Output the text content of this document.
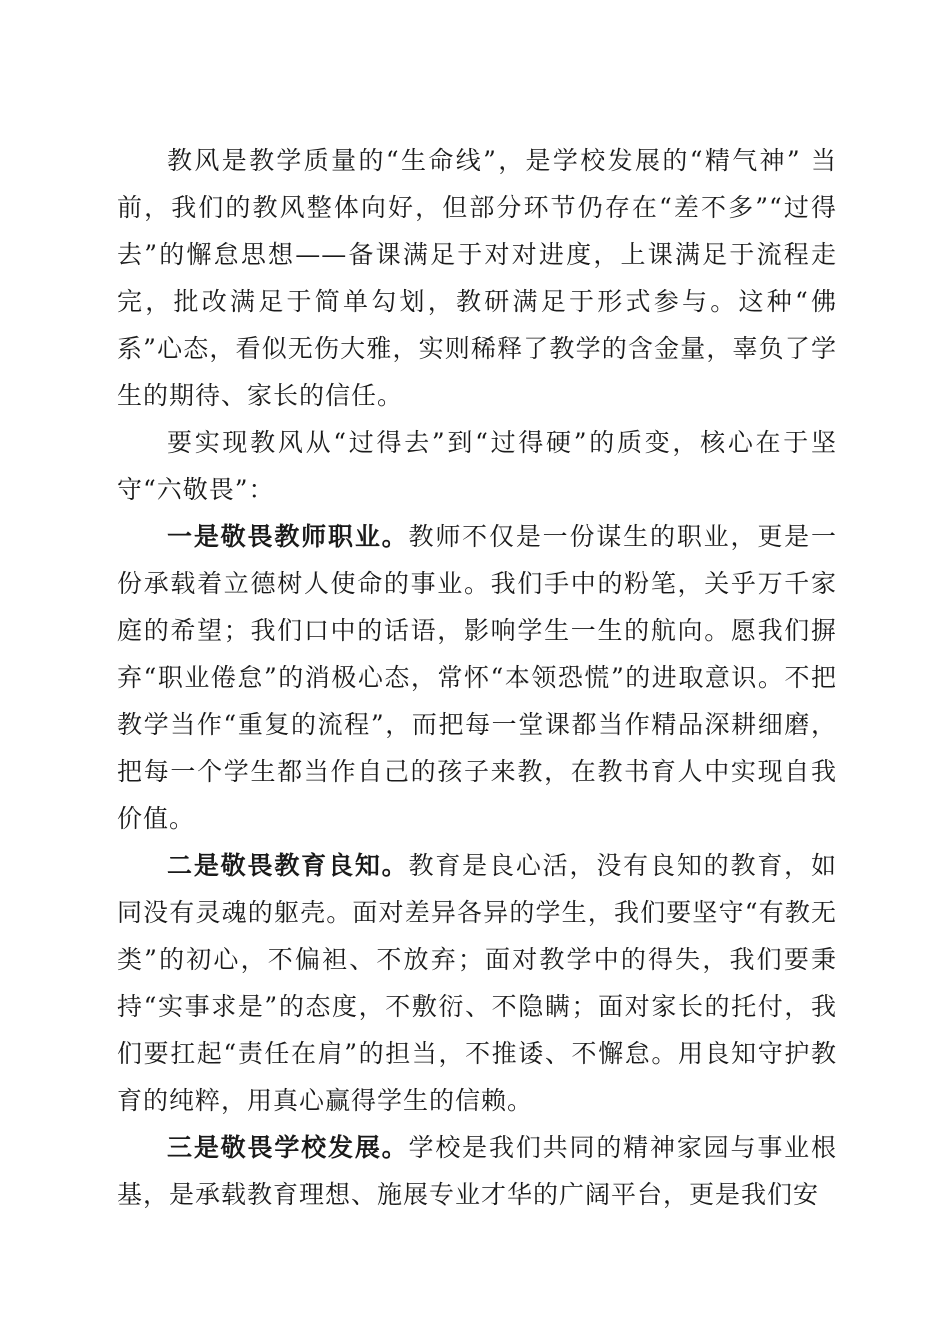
教风是教学质量的“生命线”，是学校发展的“精气神” 当前，我们的教风整体向好，但部分环节仍存在“差不多”“过得去”的懈怠思想——备课满足于对对进度，上课满足于流程走完，批改满足于简单勾划，教研满足于形式参与。这种“佛系”心态，看似无伤大雅，实则稀释了教学的含金量，辜负了学生的期待、家长的信任。

要实现教风从“过得去”到“过得硬”的质变，核心在于坚守“六敬畏”：

一是敬畏教师职业。教师不仅是一份谋生的职业，更是一份承载着立德树人使命的事业。我们手中的粉笔，关乎万千家庭的希望；我们口中的话语，影响学生一生的航向。愿我们摒弃“职业倦怠”的消极心态，常怀“本领恐慌”的进取意识。不把教学当作“重复的流程”，而把每一堂课都当作精品深耕细磨，把每一个学生都当作自己的孩子来教，在教书育人中实现自我价值。

二是敬畏教育良知。教育是良心活，没有良知的教育，如同没有灵魂的躯壳。面对差异各异的学生，我们要坚守“有教无类”的初心，不偏袒、不放弃；面对教学中的得失，我们要秉持“实事求是”的态度，不敷衍、不隐瞒；面对家长的托付，我们要扛起“责任在肩”的担当，不推诿、不懈怠。用良知守护教育的纯粹，用真心赢得学生的信赖。

三是敬畏学校发展。学校是我们共同的精神家园与事业根基，是承载教育理想、施展专业才华的广阔平台，更是我们安
